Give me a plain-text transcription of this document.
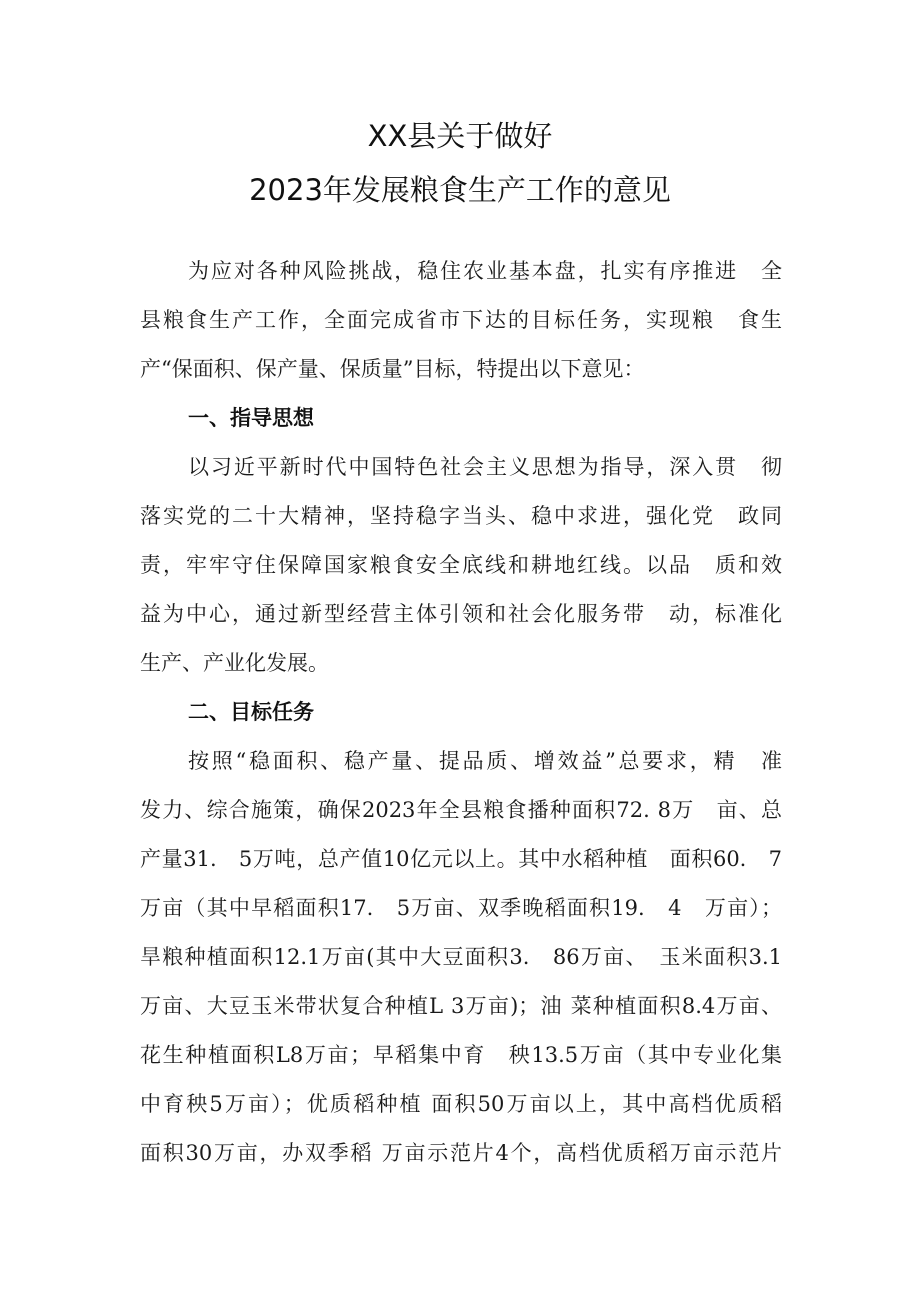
XX县关于做好
2023年发展粮食生产工作的意见
为应对各种风险挑战，稳住农业基本盘，扎实有序推进　全
县粮食生产工作，全面完成省市下达的目标任务，实现粮　食生
产“保面积、保产量、保质量”目标，特提出以下意见：
一、指导思想
以习近平新时代中国特色社会主义思想为指导，深入贯　彻
落实党的二十大精神，坚持稳字当头、稳中求进，强化党　政同
责，牢牢守住保障国家粮食安全底线和耕地红线。以品　质和效
益为中心，通过新型经营主体引领和社会化服务带　动，标准化
生产、产业化发展。
二、目标任务
按照“稳面积、稳产量、提品质、增效益”总要求，精　准
发力、综合施策，确保2023年全县粮食播种面积72. 8万　亩、总
产量31.　5万吨，总产值10亿元以上。其中水稻种植　面积60.　7
万亩（其中早稻面积17.　5万亩、双季晚稻面积19.　4　万亩）；
旱粮种植面积12.1万亩(其中大豆面积3.　86万亩、　玉米面积3.1
万亩、大豆玉米带状复合种植L 3万亩)；油 菜种植面积8.4万亩、
花生种植面积L8万亩；早稻集中育　秧13.5万亩（其中专业化集
中育秧5万亩）；优质稻种植 面积50万亩以上，其中高档优质稻
面积30万亩，办双季稻 万亩示范片4个，高档优质稻万亩示范片
